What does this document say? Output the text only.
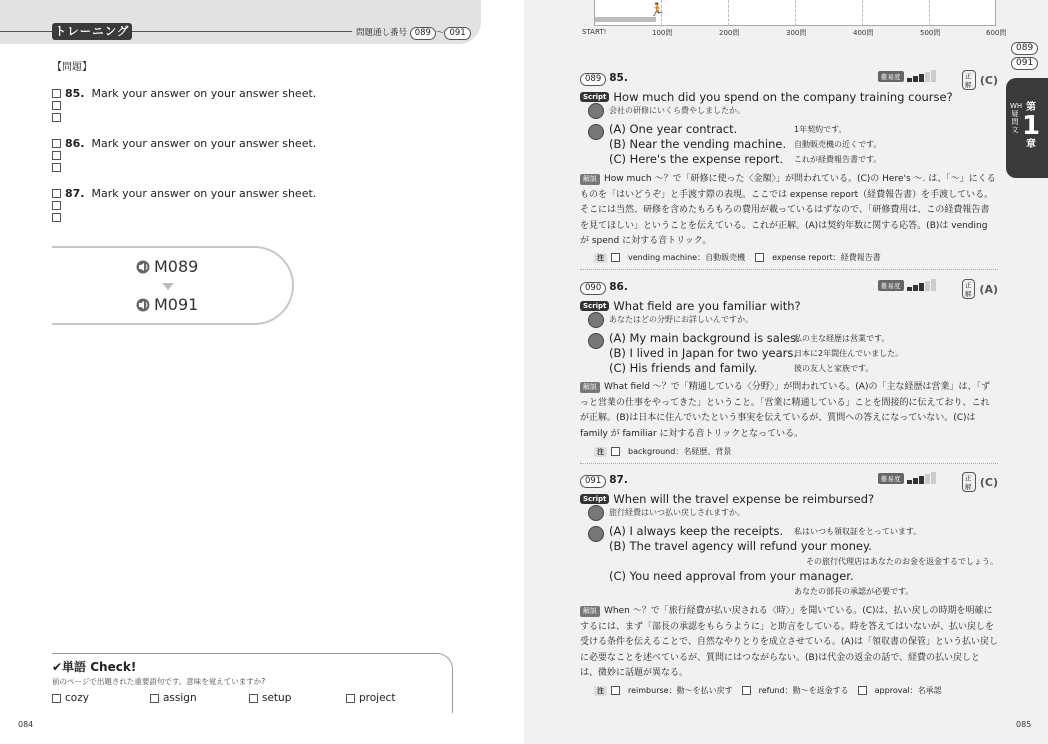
トレーニング	問題通し番号 089 〜 091
【問題】
85. Mark your answer on your answer sheet.
86. Mark your answer on your answer sheet.
87. Mark your answer on your answer sheet.
M089
M091
✔単語 Check!
前のページで出題された重要語句です。意味を覚えていますか?
cozy	assign	setup	project
084
🏃
START!	100問	200問	300問	400問	500問	600問
089
091
WH疑問文
第
1
章
089 85.	難易度	正解 (C)
Script How much did you spend on the company training course?
会社の研修にいくら費やしましたか。
(A) One year contract.	1年契約です。
(B) Near the vending machine. 自動販売機の近くです。
(C) Here's the expense report. これが経費報告書です。
解説 How much 〜？で「研修に使った〈金額〉」が問われている。(C)の Here's 〜. は、「〜」にくるものを「はいどうぞ」と手渡す際の表現。ここでは expense report（経費報告書）を手渡している。そこには当然、研修を含めたもろもろの費用が載っているはずなので、「研修費用は、この経費報告書を見てほしい」ということを伝えている。これが正解。(A)は契約年数に関する応答。(B)は vending が spend に対する音トリック。
注	vending machine：自動販売機	expense report：経費報告書
090 86.	難易度	正解 (A)
Script What field are you familiar with?
あなたはどの分野にお詳しいんですか。
(A) My main background is sales.
私の主な経歴は営業です。
(B) I lived in Japan for two years.
日本に2年間住んでいました。
(C) His friends and family.	彼の友人と家族です。
解説 What field 〜？で「精通している〈分野〉」が問われている。(A)の「主な経歴は営業」は、「ずっと営業の仕事をやってきた」ということ。「営業に精通している」ことを間接的に伝えており、これが正解。(B)は日本に住んでいたという事実を伝えているが、質問への答えになっていない。(C)は family が familiar に対する音トリックとなっている。
注	background：名経歴、背景
091 87.	難易度	正解 (C)
Script When will the travel expense be reimbursed?
旅行経費はいつ払い戻しされますか。
(A) I always keep the receipts. 私はいつも領収証をとっています。
(B) The travel agency will refund your money.
その旅行代理店はあなたのお金を返金するでしょう。
(C) You need approval from your manager.
あなたの部長の承認が必要です。
解説 When 〜？で「旅行経費が払い戻される〈時〉」を聞いている。(C)は、払い戻しの時期を明確にするには、まず「部長の承認をもらうように」と助言をしている。時を答えてはいないが、払い戻しを受ける条件を伝えることで、自然なやりとりを成立させている。(A)は「領収書の保管」という払い戻しに必要なことを述べているが、質問にはつながらない。(B)は代金の返金の話で、経費の払い戻しとは、微妙に話題が異なる。
注	reimburse：動〜を払い戻す	refund：動〜を返金する	approval：名承認
085
